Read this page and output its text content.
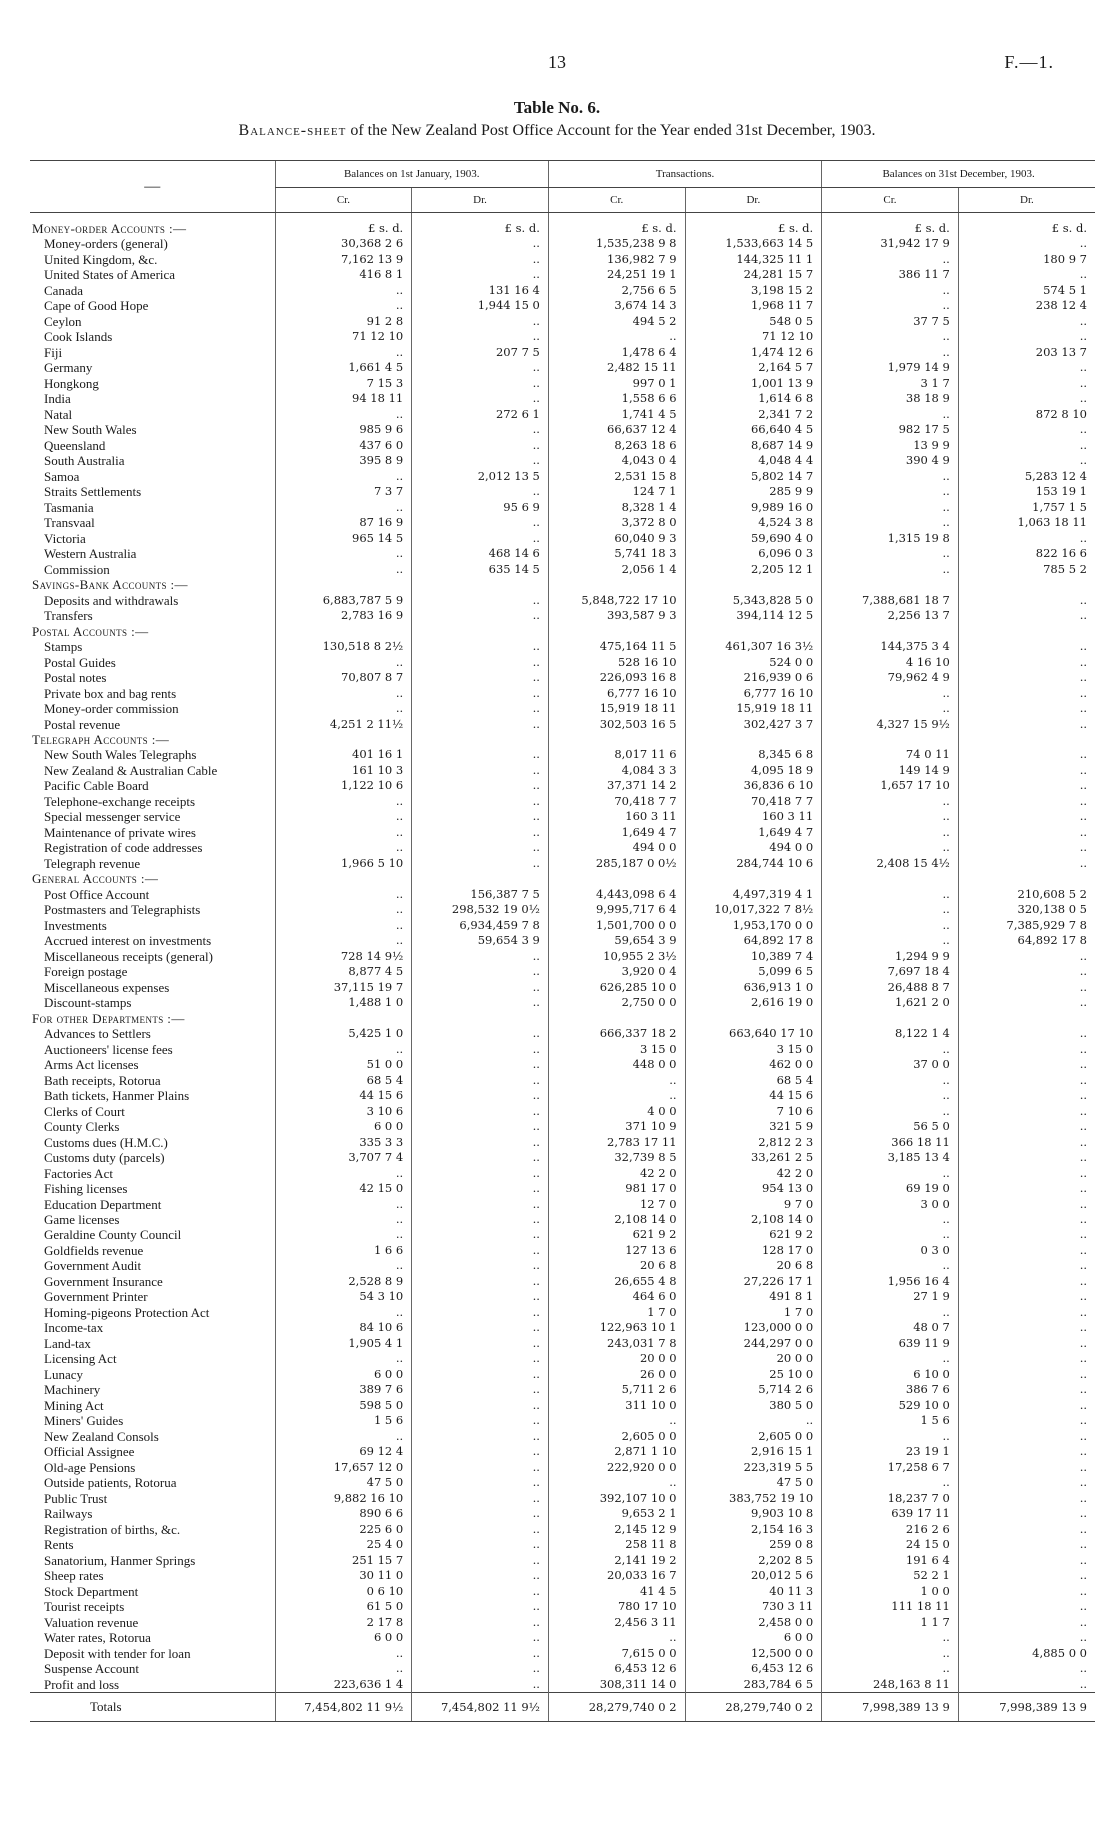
13	F.—1.
Table No. 6.
Balance-sheet of the New Zealand Post Office Account for the Year ended 31st December, 1903.
—	Balances on 1st January, 1903.		Transactions.		Balances on 31st December, 1903.	
	Cr.	Dr.	Cr.	Dr.	Cr.	Dr.
Money-order Accounts :—	£ s. d.	£ s. d.	£ s. d.	£ s. d.	£ s. d.	£ s. d.
Money-orders (general)	30,368 2 6	..	1,535,238 9 8	1,533,663 14 5	31,942 17 9	..
United Kingdom, &c.	7,162 13 9	..	136,982 7 9	144,325 11 1	..	180 9 7
United States of America	416 8 1	..	24,251 19 1	24,281 15 7	386 11 7	..
Canada	..	131 16 4	2,756 6 5	3,198 15 2	..	574 5 1
Cape of Good Hope	..	1,944 15 0	3,674 14 3	1,968 11 7	..	238 12 4
Ceylon	91 2 8	..	494 5 2	548 0 5	37 7 5	..
Cook Islands	71 12 10	..	..	71 12 10	..	..
Fiji	..	207 7 5	1,478 6 4	1,474 12 6	..	203 13 7
Germany	1,661 4 5	..	2,482 15 11	2,164 5 7	1,979 14 9	..
Hongkong	7 15 3	..	997 0 1	1,001 13 9	3 1 7	..
India	94 18 11	..	1,558 6 6	1,614 6 8	38 18 9	..
Natal	..	272 6 1	1,741 4 5	2,341 7 2	..	872 8 10
New South Wales	985 9 6	..	66,637 12 4	66,640 4 5	982 17 5	..
Queensland	437 6 0	..	8,263 18 6	8,687 14 9	13 9 9	..
South Australia	395 8 9	..	4,043 0 4	4,048 4 4	390 4 9	..
Samoa	..	2,012 13 5	2,531 15 8	5,802 14 7	..	5,283 12 4
Straits Settlements	7 3 7	..	124 7 1	285 9 9	..	153 19 1
Tasmania	..	95 6 9	8,328 1 4	9,989 16 0	..	1,757 1 5
Transvaal	87 16 9	..	3,372 8 0	4,524 3 8	..	1,063 18 11
Victoria	965 14 5	..	60,040 9 3	59,690 4 0	1,315 19 8	..
Western Australia	..	468 14 6	5,741 18 3	6,096 0 3	..	822 16 6
Commission	..	635 14 5	2,056 1 4	2,205 12 1	..	785 5 2
Savings-Bank Accounts :—						
Deposits and withdrawals	6,883,787 5 9	..	5,848,722 17 10	5,343,828 5 0	7,388,681 18 7	..
Transfers	2,783 16 9	..	393,587 9 3	394,114 12 5	2,256 13 7	..
Postal Accounts :—						
Stamps	130,518 8 2½	..	475,164 11 5	461,307 16 3½	144,375 3 4	..
Postal Guides	..	..	528 16 10	524 0 0	4 16 10	..
Postal notes	70,807 8 7	..	226,093 16 8	216,939 0 6	79,962 4 9	..
Private box and bag rents	..	..	6,777 16 10	6,777 16 10	..	..
Money-order commission	..	..	15,919 18 11	15,919 18 11	..	..
Postal revenue	4,251 2 11½	..	302,503 16 5	302,427 3 7	4,327 15 9½	..
Telegraph Accounts :—						
New South Wales Telegraphs	401 16 1	..	8,017 11 6	8,345 6 8	74 0 11	..
New Zealand & Australian Cable	161 10 3	..	4,084 3 3	4,095 18 9	149 14 9	..
Pacific Cable Board	1,122 10 6	..	37,371 14 2	36,836 6 10	1,657 17 10	..
Telephone-exchange receipts	..	..	70,418 7 7	70,418 7 7	..	..
Special messenger service	..	..	160 3 11	160 3 11	..	..
Maintenance of private wires	..	..	1,649 4 7	1,649 4 7	..	..
Registration of code addresses	..	..	494 0 0	494 0 0	..	..
Telegraph revenue	1,966 5 10	..	285,187 0 0½	284,744 10 6	2,408 15 4½	..
General Accounts :—						
Post Office Account	..	156,387 7 5	4,443,098 6 4	4,497,319 4 1	..	210,608 5 2
Postmasters and Telegraphists	..	298,532 19 0½	9,995,717 6 4	10,017,322 7 8½	..	320,138 0 5
Investments	..	6,934,459 7 8	1,501,700 0 0	1,953,170 0 0	..	7,385,929 7 8
Accrued interest on investments	..	59,654 3 9	59,654 3 9	64,892 17 8	..	64,892 17 8
Miscellaneous receipts (general)	728 14 9½	..	10,955 2 3½	10,389 7 4	1,294 9 9	..
Foreign postage	8,877 4 5	..	3,920 0 4	5,099 6 5	7,697 18 4	..
Miscellaneous expenses	37,115 19 7	..	626,285 10 0	636,913 1 0	26,488 8 7	..
Discount-stamps	1,488 1 0	..	2,750 0 0	2,616 19 0	1,621 2 0	..
For other Departments :—						
Advances to Settlers	5,425 1 0	..	666,337 18 2	663,640 17 10	8,122 1 4	..
Auctioneers' license fees	..	..	3 15 0	3 15 0	..	..
Arms Act licenses	51 0 0	..	448 0 0	462 0 0	37 0 0	..
Bath receipts, Rotorua	68 5 4	..	..	68 5 4	..	..
Bath tickets, Hanmer Plains	44 15 6	..	..	44 15 6	..	..
Clerks of Court	3 10 6	..	4 0 0	7 10 6	..	..
County Clerks	6 0 0	..	371 10 9	321 5 9	56 5 0	..
Customs dues (H.M.C.)	335 3 3	..	2,783 17 11	2,812 2 3	366 18 11	..
Customs duty (parcels)	3,707 7 4	..	32,739 8 5	33,261 2 5	3,185 13 4	..
Factories Act	..	..	42 2 0	42 2 0	..	..
Fishing licenses	42 15 0	..	981 17 0	954 13 0	69 19 0	..
Education Department	..	..	12 7 0	9 7 0	3 0 0	..
Game licenses	..	..	2,108 14 0	2,108 14 0	..	..
Geraldine County Council	..	..	621 9 2	621 9 2	..	..
Goldfields revenue	1 6 6	..	127 13 6	128 17 0	0 3 0	..
Government Audit	..	..	20 6 8	20 6 8	..	..
Government Insurance	2,528 8 9	..	26,655 4 8	27,226 17 1	1,956 16 4	..
Government Printer	54 3 10	..	464 6 0	491 8 1	27 1 9	..
Homing-pigeons Protection Act	..	..	1 7 0	1 7 0	..	..
Income-tax	84 10 6	..	122,963 10 1	123,000 0 0	48 0 7	..
Land-tax	1,905 4 1	..	243,031 7 8	244,297 0 0	639 11 9	..
Licensing Act	..	..	20 0 0	20 0 0	..	..
Lunacy	6 0 0	..	26 0 0	25 10 0	6 10 0	..
Machinery	389 7 6	..	5,711 2 6	5,714 2 6	386 7 6	..
Mining Act	598 5 0	..	311 10 0	380 5 0	529 10 0	..
Miners' Guides	1 5 6	..	..	..	1 5 6	..
New Zealand Consols	..	..	2,605 0 0	2,605 0 0	..	..
Official Assignee	69 12 4	..	2,871 1 10	2,916 15 1	23 19 1	..
Old-age Pensions	17,657 12 0	..	222,920 0 0	223,319 5 5	17,258 6 7	..
Outside patients, Rotorua	47 5 0	..	..	47 5 0	..	..
Public Trust	9,882 16 10	..	392,107 10 0	383,752 19 10	18,237 7 0	..
Railways	890 6 6	..	9,653 2 1	9,903 10 8	639 17 11	..
Registration of births, &c.	225 6 0	..	2,145 12 9	2,154 16 3	216 2 6	..
Rents	25 4 0	..	258 11 8	259 0 8	24 15 0	..
Sanatorium, Hanmer Springs	251 15 7	..	2,141 19 2	2,202 8 5	191 6 4	..
Sheep rates	30 11 0	..	20,033 16 7	20,012 5 6	52 2 1	..
Stock Department	0 6 10	..	41 4 5	40 11 3	1 0 0	..
Tourist receipts	61 5 0	..	780 17 10	730 3 11	111 18 11	..
Valuation revenue	2 17 8	..	2,456 3 11	2,458 0 0	1 1 7	..
Water rates, Rotorua	6 0 0	..	..	6 0 0	..	..
Deposit with tender for loan	..	..	7,615 0 0	12,500 0 0	..	4,885 0 0
Suspense Account	..	..	6,453 12 6	6,453 12 6	..	..
Profit and loss	223,636 1 4	..	308,311 14 0	283,784 6 5	248,163 8 11	..
Totals	7,454,802 11 9½	7,454,802 11 9½	28,279,740 0 2	28,279,740 0 2	7,998,389 13 9	7,998,389 13 9
